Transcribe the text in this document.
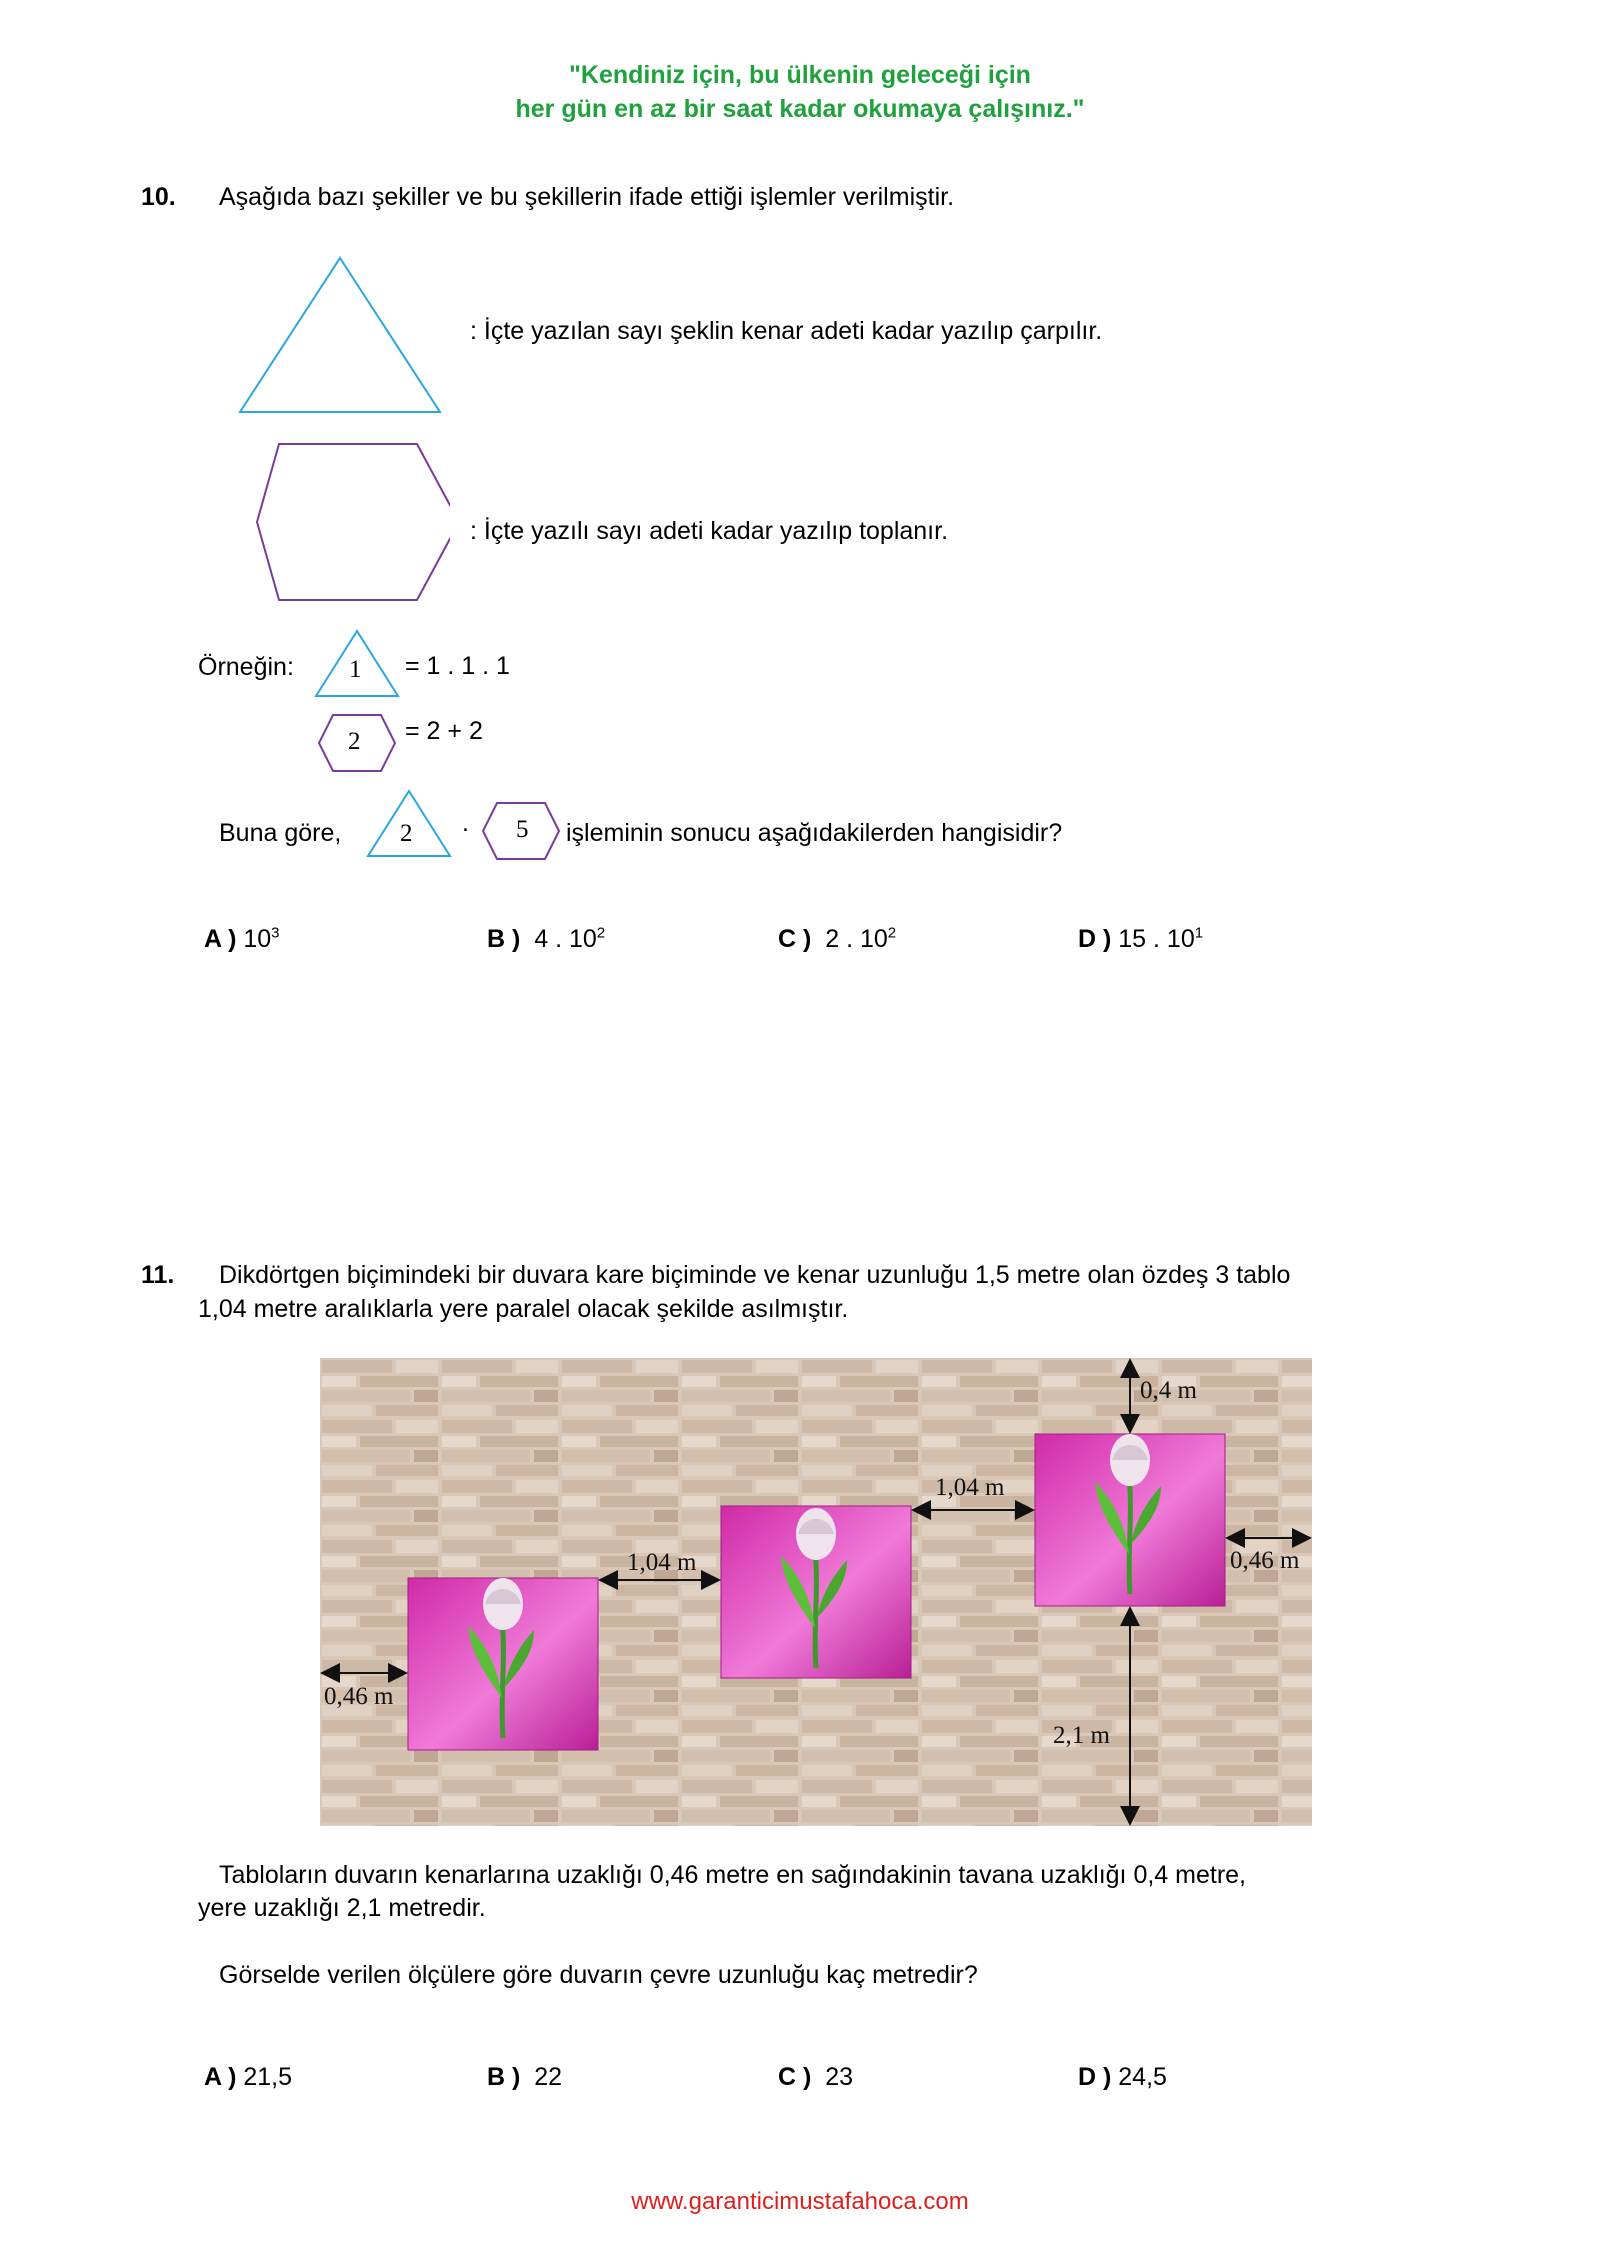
"Kendiniz için, bu ülkenin geleceği için
her gün en az bir saat kadar okumaya çalışınız."
10. Aşağıda bazı şekiller ve bu şekillerin ifade ettiği işlemler verilmiştir.
: İçte yazılan sayı şeklin kenar adeti kadar yazılıp çarpılır.
: İçte yazılı sayı adeti kadar yazılıp toplanır.
Örneğin: 1 = 1 . 1 . 1
2 = 2 + 2
Buna göre, 2 . 5 işleminin sonucu aşağıdakilerden hangisidir?
A ) $10^3$	B ) 4 . $10^2$	C ) 2 . $10^2$	D ) 15 . $10^1$
11. Dikdörtgen biçimindeki bir duvara kare biçiminde ve kenar uzunluğu 1,5 metre olan özdeş 3 tablo
1,04 metre aralıklarla yere paralel olacak şekilde asılmıştır.
0,4 m
1,04 m
1,04 m	0,46 m
0,46 m
2,1 m
Tabloların duvarın kenarlarına uzaklığı 0,46 metre en sağındakinin tavana uzaklığı 0,4 metre,
yere uzaklığı 2,1 metredir.
Görselde verilen ölçülere göre duvarın çevre uzunluğu kaç metredir?
A ) 21,5	B ) 22	C ) 23	D ) 24,5
www.garanticimustafahoca.com
